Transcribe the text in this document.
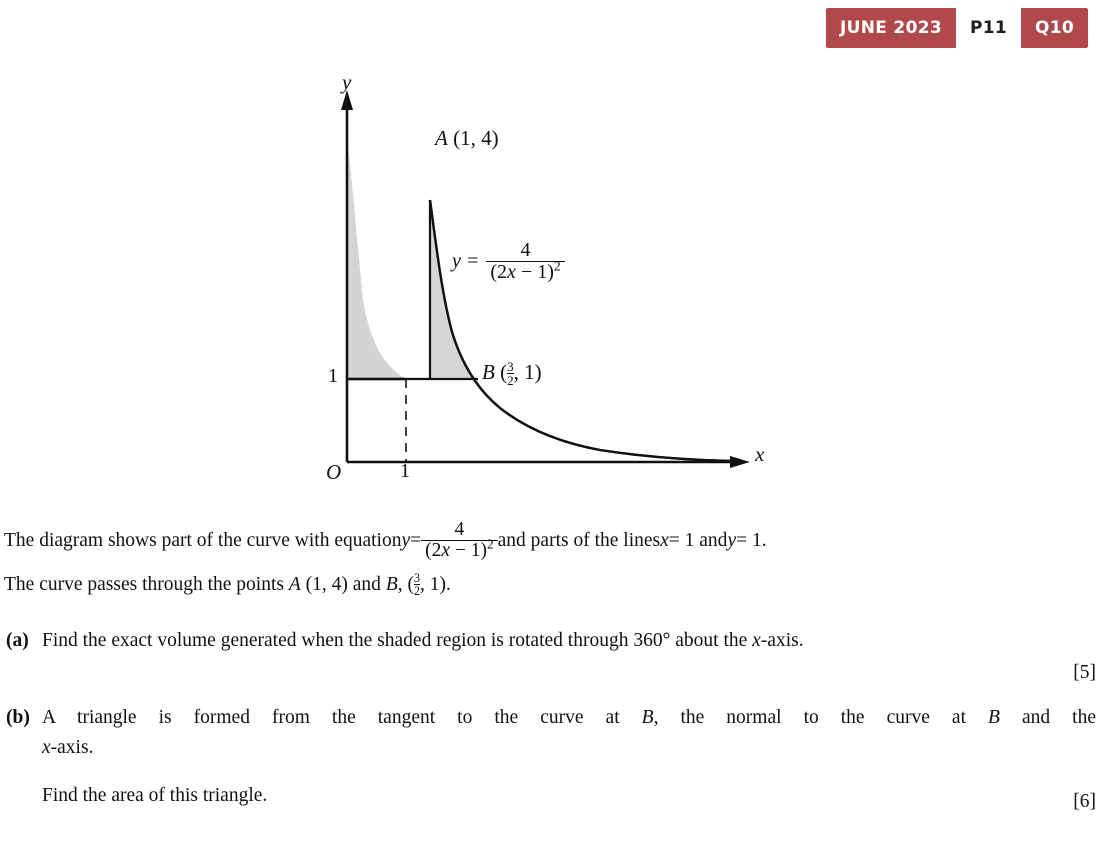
JUNE 2023	P11	Q10
y
x
O
1
1
A (1, 4)
B ( $\frac{3}{2}$ , 1)
$y = \frac{4}{(2x - 1)^2}$
The diagram shows part of the curve with equation $y = \frac{4}{(2x - 1)^2}$ and parts of the lines x = 1 and y = 1.
The curve passes through the points A (1, 4) and B, ( $\frac{3}{2}$ , 1).
(a) Find the exact volume generated when the shaded region is rotated through 360° about the x-axis.
[5]
(b) A triangle is formed from the tangent to the curve at B, the normal to the curve at B and the
x-axis.
Find the area of this triangle.	[6]
